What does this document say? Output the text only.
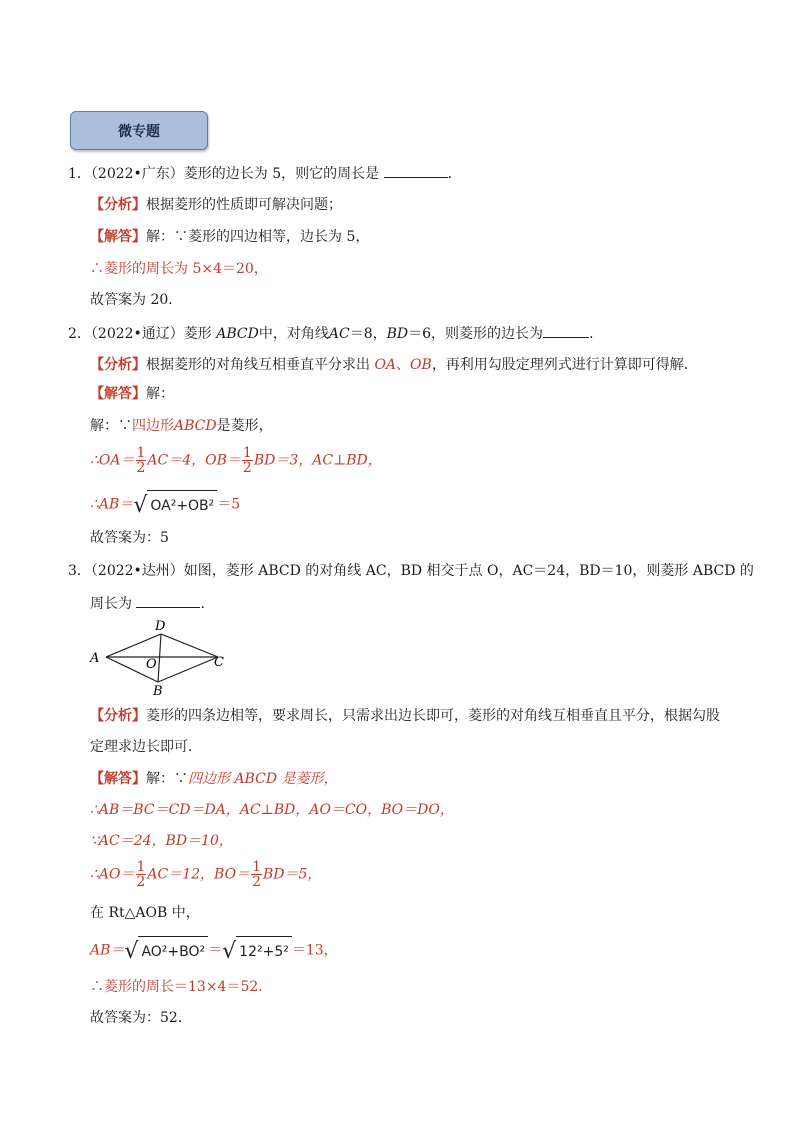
微专题
1．（2022•广东）菱形的边长为 5，则它的周长是	．
【分析】根据菱形的性质即可解决问题；
【解答】解：∵菱形的四边相等，边长为 5，
∴菱形的周长为 5×4＝20，
故答案为 20．
2．（2022•通辽）菱形 ABCD中，对角线AC＝8，BD＝6，则菱形的边长为	．
【分析】根据菱形的对角线互相垂直平分求出 OA、OB，再利用勾股定理列式进行计算即可得解．
【解答】解：
解：∵四边形ABCD是菱形，
∴OA＝ $\frac{1}{2} AC=4$，$OB= \frac{1}{2} BD=3$，AC⊥BD，
∴AB＝√ OA²+OB² ＝5
故答案为：5
3．（2022•达州）如图，菱形 ABCD 的对角线 AC，BD 相交于点 O，AC＝24，BD＝10，则菱形 ABCD 的
周长为	．
A
D
C
B
O
【分析】菱形的四条边相等，要求周长，只需求出边长即可，菱形的对角线互相垂直且平分，根据勾股
定理求边长即可．
【解答】解：∵四边形 ABCD 是菱形，
∴AB＝BC＝CD＝DA，AC⊥BD，AO＝CO，BO＝DO，
∵AC＝24，BD＝10，
∴AO＝ $\frac{1}{2} AC=12$，$BO= \frac{1}{2} BD=5$，
在 Rt△AOB 中，
AB＝√ AO²+BO² ＝√ 12²+5² ＝13，
∴菱形的周长＝13×4＝52．
故答案为：52．
